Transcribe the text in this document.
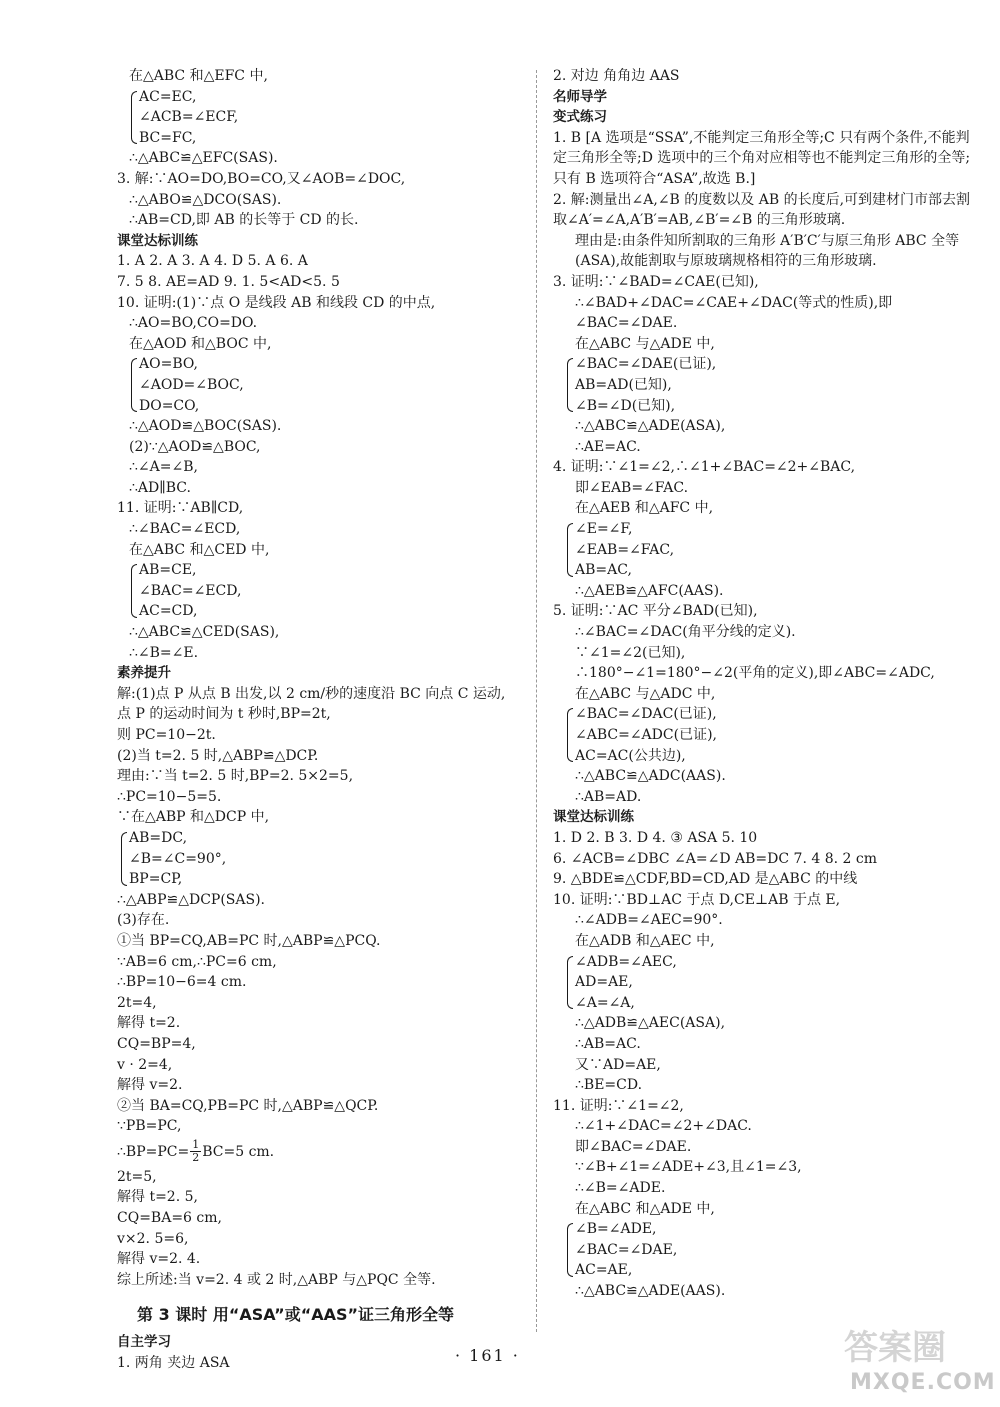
在△ABC 和△EFC 中,
AC=EC,
∠ACB=∠ECF,
BC=FC,
∴△ABC≌△EFC(SAS).
3. 解:∵AO=DO,BO=CO,又∠AOB=∠DOC,
∴△ABO≌△DCO(SAS).
∴AB=CD,即 AB 的长等于 CD 的长.
课堂达标训练
1. A 2. A 3. A 4. D 5. A 6. A
7. 5 8. AE=AD 9. 1. 5<AD<5. 5
10. 证明:(1)∵点 O 是线段 AB 和线段 CD 的中点,
∴AO=BO,CO=DO.
在△AOD 和△BOC 中,
AO=BO,
∠AOD=∠BOC,
DO=CO,
∴△AOD≌△BOC(SAS).
(2)∵△AOD≌△BOC,
∴∠A=∠B,
∴AD∥BC.
11. 证明:∵AB∥CD,
∴∠BAC=∠ECD,
在△ABC 和△CED 中,
AB=CE,
∠BAC=∠ECD,
AC=CD,
∴△ABC≌△CED(SAS),
∴∠B=∠E.
素养提升
解:(1)点 P 从点 B 出发,以 2 cm/秒的速度沿 BC 向点 C 运动,点 P 的运动时间为 t 秒时,BP=2t,
则 PC=10−2t.
(2)当 t=2. 5 时,△ABP≌△DCP.
理由:∵当 t=2. 5 时,BP=2. 5×2=5,
∴PC=10−5=5.
∵在△ABP 和△DCP 中,
AB=DC,
∠B=∠C=90°,
BP=CP,
∴△ABP≌△DCP(SAS).
(3)存在.
①当 BP=CQ,AB=PC 时,△ABP≌△PCQ.
∵AB=6 cm,∴PC=6 cm,
∴BP=10−6=4 cm.
2t=4,
解得 t=2.
CQ=BP=4,
v · 2=4,
解得 v=2.
②当 BA=CQ,PB=PC 时,△ABP≌△QCP.
∵PB=PC,
∴BP=PC= $\frac{1}{2} BC=5$ cm.
2t=5,
解得 t=2. 5,
CQ=BA=6 cm,
v×2. 5=6,
解得 v=2. 4.
综上所述:当 v=2. 4 或 2 时,△ABP 与△PQC 全等.
第 3 课时 用“ASA”或“AAS”证三角形全等
自主学习
1. 两角 夹边 ASA
2. 对边 角角边 AAS
名师导学
变式练习
1. B [A 选项是“SSA”,不能判定三角形全等;C 只有两个条件,不能判定三角形全等;D 选项中的三个角对应相等也不能判定三角形的全等;只有 B 选项符合“ASA”,故选 B.]
2. 解:测量出∠A,∠B 的度数以及 AB 的长度后,可到建材门市部去割取∠A′=∠A,A′B′=AB,∠B′=∠B 的三角形玻璃.
理由是:由条件知所割取的三角形 A′B′C′与原三角形 ABC 全等(ASA),故能割取与原玻璃规格相符的三角形玻璃.
3. 证明:∵∠BAD=∠CAE(已知),
∴∠BAD+∠DAC=∠CAE+∠DAC(等式的性质),即
∠BAC=∠DAE.
在△ABC 与△ADE 中,
∠BAC=∠DAE(已证),
AB=AD(已知),
∠B=∠D(已知),
∴△ABC≌△ADE(ASA),
∴AE=AC.
4. 证明:∵∠1=∠2,∴∠1+∠BAC=∠2+∠BAC,
即∠EAB=∠FAC.
在△AEB 和△AFC 中,
∠E=∠F,
∠EAB=∠FAC,
AB=AC,
∴△AEB≌△AFC(AAS).
5. 证明:∵AC 平分∠BAD(已知),
∴∠BAC=∠DAC(角平分线的定义).
∵∠1=∠2(已知),
∴180°−∠1=180°−∠2(平角的定义),即∠ABC=∠ADC,
在△ABC 与△ADC 中,
∠BAC=∠DAC(已证),
∠ABC=∠ADC(已证),
AC=AC(公共边),
∴△ABC≌△ADC(AAS).
∴AB=AD.
课堂达标训练
1. D 2. B 3. D 4. ③ ASA 5. 10
6. ∠ACB=∠DBC ∠A=∠D AB=DC 7. 4 8. 2 cm
9. △BDE≌△CDF,BD=CD,AD 是△ABC 的中线
10. 证明:∵BD⊥AC 于点 D,CE⊥AB 于点 E,
∴∠ADB=∠AEC=90°.
在△ADB 和△AEC 中,
∠ADB=∠AEC,
AD=AE,
∠A=∠A,
∴△ADB≌△AEC(ASA),
∴AB=AC.
又∵AD=AE,
∴BE=CD.
11. 证明:∵∠1=∠2,
∴∠1+∠DAC=∠2+∠DAC.
即∠BAC=∠DAE.
∵∠B+∠1=∠ADE+∠3,且∠1=∠3,
∴∠B=∠ADE.
在△ABC 和△ADE 中,
∠B=∠ADE,
∠BAC=∠DAE,
AC=AE,
∴△ABC≌△ADE(AAS).
· 161 ·	答案圈
MXQE.COM
